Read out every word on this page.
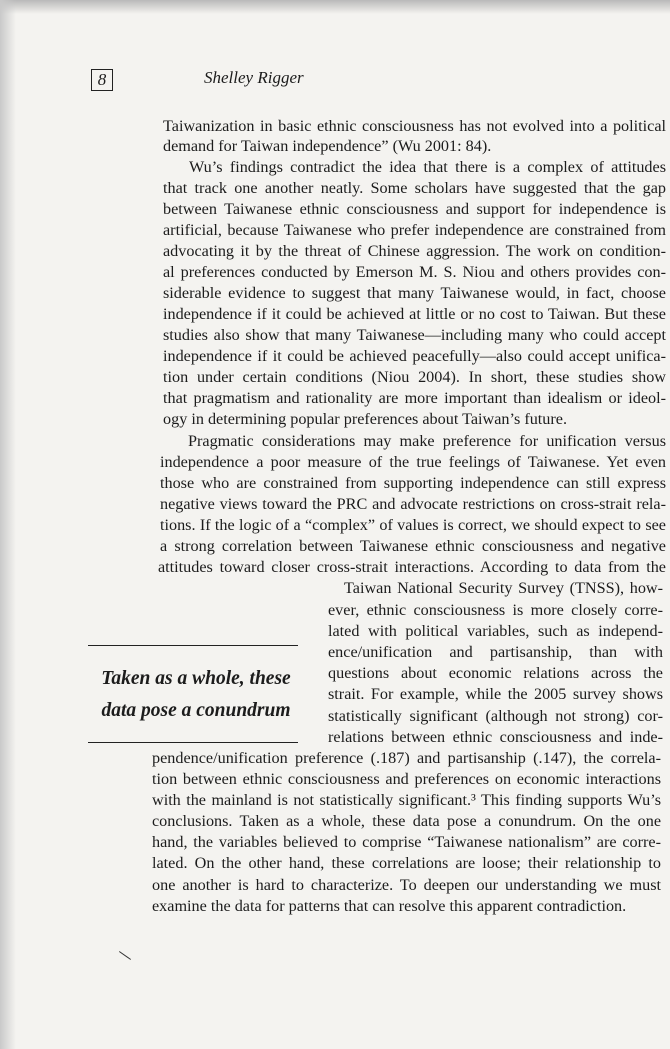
8	Shelley Rigger
Taiwanization in basic ethnic consciousness has not evolved into a political
demand for Taiwan independence” (Wu 2001: 84).
Wu’s findings contradict the idea that there is a complex of attitudes
that track one another neatly. Some scholars have suggested that the gap
between Taiwanese ethnic consciousness and support for independence is
artificial, because Taiwanese who prefer independence are constrained from
advocating it by the threat of Chinese aggression. The work on condition-
al preferences conducted by Emerson M. S. Niou and others provides con-
siderable evidence to suggest that many Taiwanese would, in fact, choose
independence if it could be achieved at little or no cost to Taiwan. But these
studies also show that many Taiwanese—including many who could accept
independence if it could be achieved peacefully—also could accept unifica-
tion under certain conditions (Niou 2004). In short, these studies show
that pragmatism and rationality are more important than idealism or ideol-
ogy in determining popular preferences about Taiwan’s future.
Pragmatic considerations may make preference for unification versus
independence a poor measure of the true feelings of Taiwanese. Yet even
those who are constrained from supporting independence can still express
negative views toward the PRC and advocate restrictions on cross-strait rela-
tions. If the logic of a “complex” of values is correct, we should expect to see
a strong correlation between Taiwanese ethnic consciousness and negative
attitudes toward closer cross-strait interactions. According to data from the
Taiwan National Security Survey (TNSS), how-
ever, ethnic consciousness is more closely corre-
lated with political variables, such as independ-
ence/unification and partisanship, than with
questions about economic relations across the
strait. For example, while the 2005 survey shows
statistically significant (although not strong) cor-
relations between ethnic consciousness and inde-
pendence/unification preference (.187) and partisanship (.147), the correla-
tion between ethnic consciousness and preferences on economic interactions
with the mainland is not statistically significant.³ This finding supports Wu’s
conclusions. Taken as a whole, these data pose a conundrum. On the one
hand, the variables believed to comprise “Taiwanese nationalism” are corre-
lated. On the other hand, these correlations are loose; their relationship to
one another is hard to characterize. To deepen our understanding we must
examine the data for patterns that can resolve this apparent contradiction.
Taken as a whole, these
data pose a conundrum
